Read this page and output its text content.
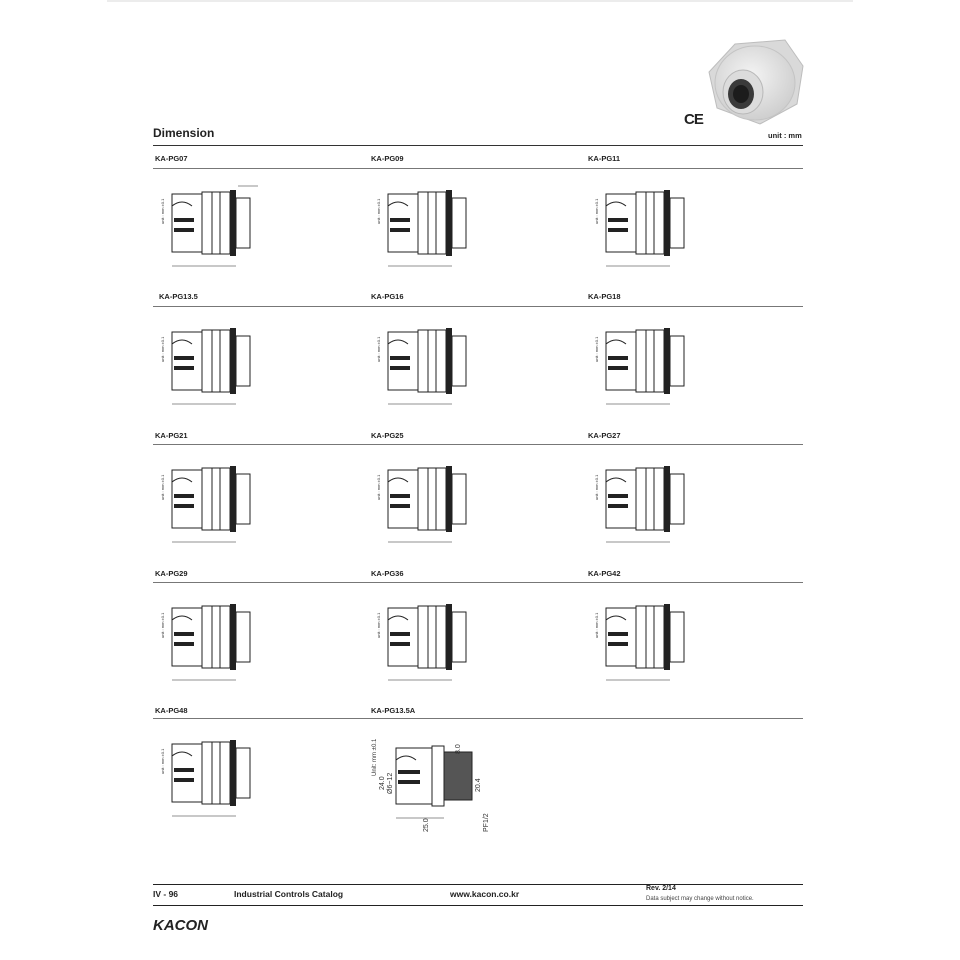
CE
Dimension	unit : mm
KA-PG07	KA-PG09	KA-PG11
KA-PG13.5	KA-PG16	KA-PG18
KA-PG21	KA-PG25	KA-PG27
KA-PG29	KA-PG36	KA-PG42
KA-PG48	KA-PG13.5A
unit : mm ±0.1	unit : mm ±0.1	unit : mm ±0.1
unit : mm ±0.1	unit : mm ±0.1	unit : mm ±0.1
unit : mm ±0.1	unit : mm ±0.1	unit : mm ±0.1
unit : mm ±0.1	unit : mm ±0.1	unit : mm ±0.1
unit : mm ±0.1	Unit: mm ±0.1
24.0 Ø6~12
25.0
8.0
20.4
PF1/2
IV - 96	Industrial Controls Catalog	www.kacon.co.kr
Rev. 2/14
Data subject may change without notice.
KACON
